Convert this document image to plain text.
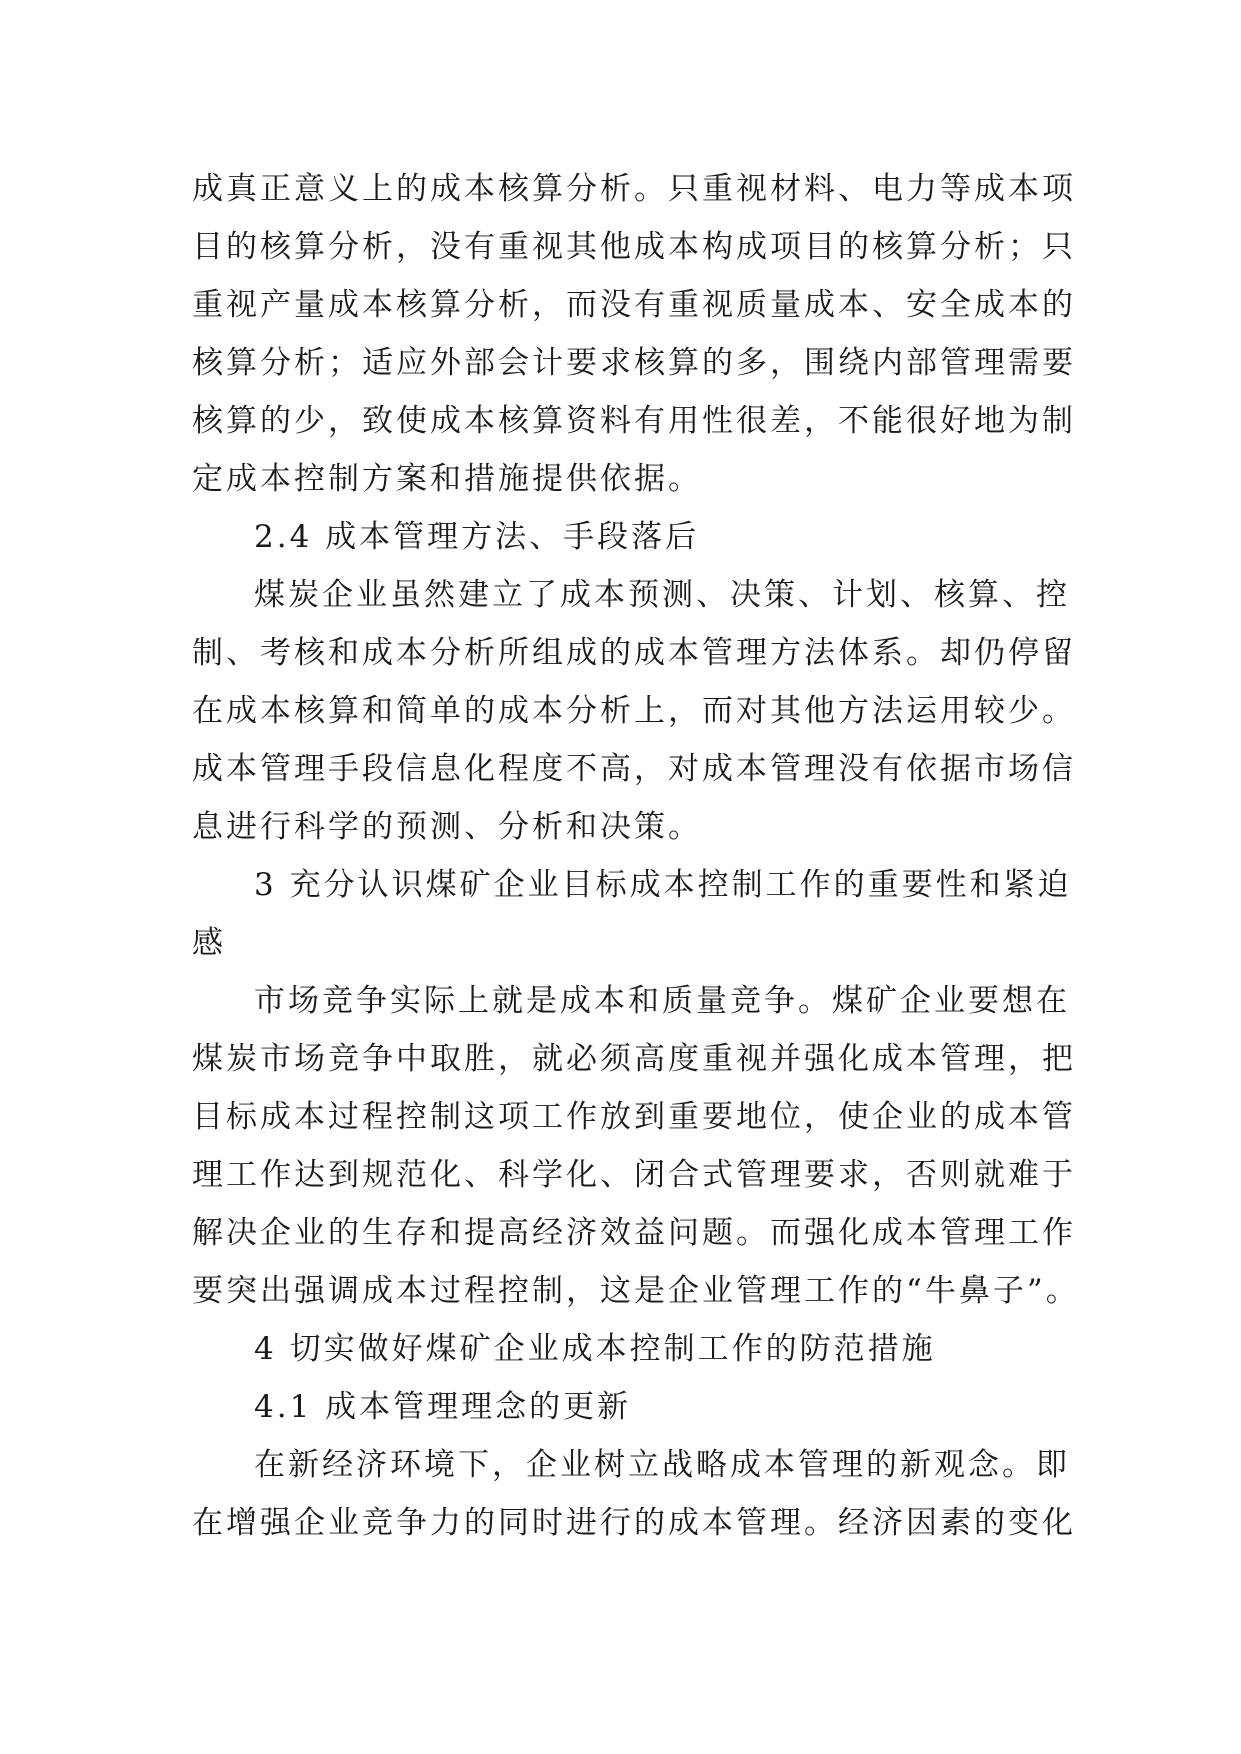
成真正意义上的成本核算分析。只重视材料、电力等成本项
目的核算分析，没有重视其他成本构成项目的核算分析；只
重视产量成本核算分析，而没有重视质量成本、安全成本的
核算分析；适应外部会计要求核算的多，围绕内部管理需要
核算的少，致使成本核算资料有用性很差，不能很好地为制
定成本控制方案和措施提供依据。

2.4 成本管理方法、手段落后

煤炭企业虽然建立了成本预测、决策、计划、核算、控
制、考核和成本分析所组成的成本管理方法体系。却仍停留
在成本核算和简单的成本分析上，而对其他方法运用较少。
成本管理手段信息化程度不高，对成本管理没有依据市场信
息进行科学的预测、分析和决策。

3 充分认识煤矿企业目标成本控制工作的重要性和紧迫
感

市场竞争实际上就是成本和质量竞争。煤矿企业要想在
煤炭市场竞争中取胜，就必须高度重视并强化成本管理，把
目标成本过程控制这项工作放到重要地位，使企业的成本管
理工作达到规范化、科学化、闭合式管理要求，否则就难于
解决企业的生存和提高经济效益问题。而强化成本管理工作
要突出强调成本过程控制，这是企业管理工作的“牛鼻子”。

4 切实做好煤矿企业成本控制工作的防范措施

4.1 成本管理理念的更新

在新经济环境下，企业树立战略成本管理的新观念。即
在增强企业竞争力的同时进行的成本管理。经济因素的变化
